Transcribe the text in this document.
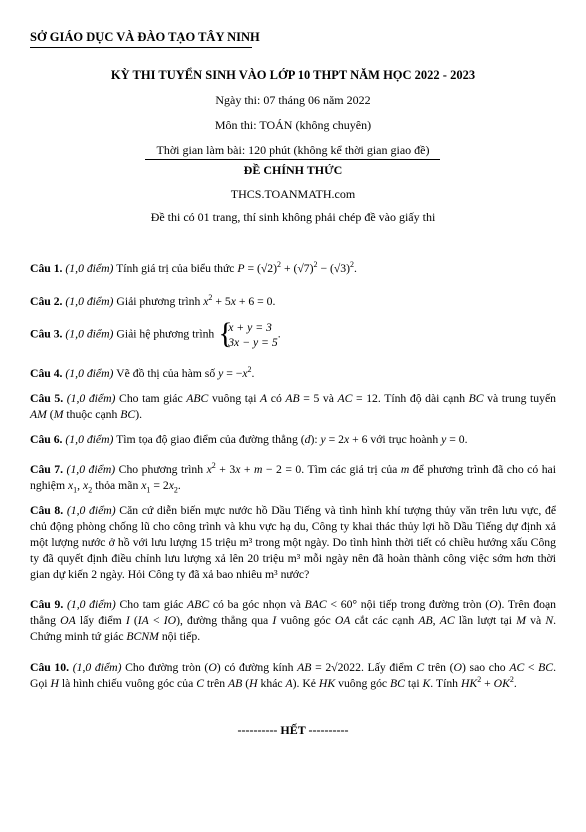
SỞ GIÁO DỤC VÀ ĐÀO TẠO TÂY NINH
KỲ THI TUYỂN SINH VÀO LỚP 10 THPT NĂM HỌC 2022 - 2023
Ngày thi: 07 tháng 06 năm 2022
Môn thi: TOÁN (không chuyên)
Thời gian làm bài: 120 phút (không kể thời gian giao đề)
ĐỀ CHÍNH THỨC
THCS.TOANMATH.com
Đề thi có 01 trang, thí sinh không phải chép đề vào giấy thi
Câu 1. (1,0 điểm) Tính giá trị của biểu thức $P = (√2)^2 + (√7)^2 - (√3)^2$.
Câu 2. (1,0 điểm) Giải phương trình $x^2 + 5x + 6 = 0$.
Câu 3. (1,0 điểm) Giải hệ phương trình { x + y = 3
3x − y = 5.
Câu 4. (1,0 điểm) Vẽ đồ thị của hàm số $y = -x^2$.
Câu 5. (1,0 điểm) Cho tam giác ABC vuông tại A có AB = 5 và AC = 12. Tính độ dài cạnh BC và trung tuyến AM (M thuộc cạnh BC).
Câu 6. (1,0 điểm) Tìm tọa độ giao điểm của đường thẳng (d): y = 2x + 6 với trục hoành y = 0.
Câu 7. (1,0 điểm) Cho phương trình $x^2 + 3x + m - 2 = 0$. Tìm các giá trị của m để phương trình đã cho có hai nghiệm $x_1$, $x_2$ thỏa mãn $x_1 = 2x_2$.
Câu 8. (1,0 điểm) Căn cứ diễn biến mực nước hồ Dầu Tiếng và tình hình khí tượng thủy văn trên lưu vực, để chủ động phòng chống lũ cho công trình và khu vực hạ du, Công ty khai thác thủy lợi hồ Dầu Tiếng dự định xả một lượng nước ở hồ với lưu lượng 15 triệu m³ trong một ngày. Do tình hình thời tiết có chiều hướng xấu Công ty đã quyết định điều chỉnh lưu lượng xả lên 20 triệu m³ mỗi ngày nên đã hoàn thành công việc sớm hơn thời gian dự kiến 2 ngày. Hỏi Công ty đã xả bao nhiêu m³ nước?
Câu 9. (1,0 điểm) Cho tam giác ABC có ba góc nhọn và BAC < 60° nội tiếp trong đường tròn (O). Trên đoạn thẳng OA lấy điểm I (IA < IO), đường thẳng qua I vuông góc OA cắt các cạnh AB, AC lần lượt tại M và N. Chứng minh tứ giác BCNM nội tiếp.
Câu 10. (1,0 điểm) Cho đường tròn (O) có đường kính AB = 2√2022. Lấy điểm C trên (O) sao cho AC < BC. Gọi H là hình chiếu vuông góc của C trên AB (H khác A). Kẻ HK vuông góc BC tại K. Tính $HK^2 + OK^2$.
---------- HẾT ----------
